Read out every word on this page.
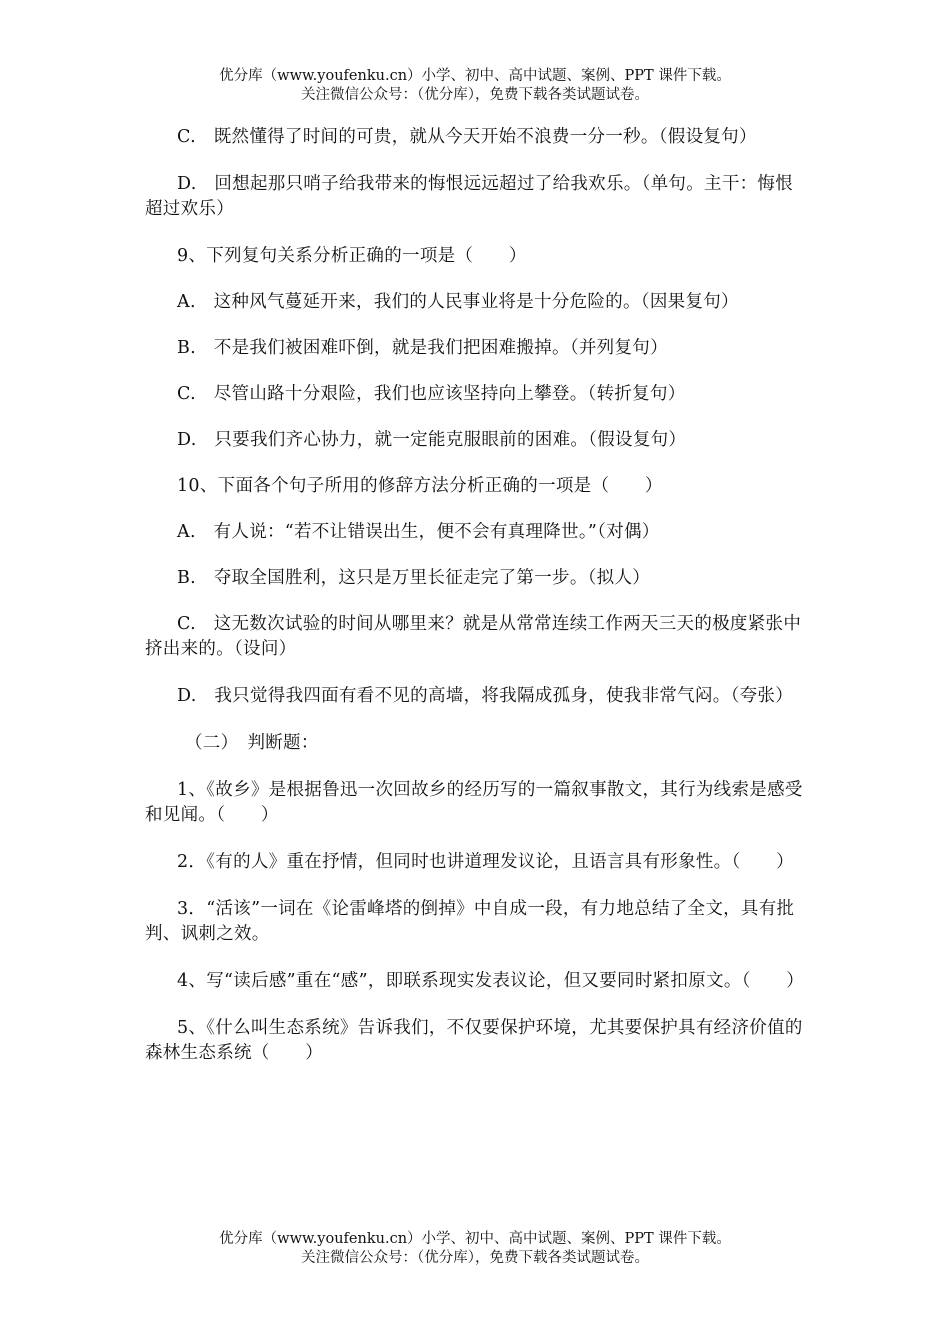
优分库（www.youfenku.cn）小学、初中、高中试题、案例、PPT 课件下载。
关注微信公众号：（优分库），免费下载各类试题试卷。

C.　既然懂得了时间的可贵，就从今天开始不浪费一分一秒。（假设复句）

D.　回想起那只哨子给我带来的悔恨远远超过了给我欢乐。（单句。主干：悔恨超过欢乐）

9、下列复句关系分析正确的一项是（　　）

A.　这种风气蔓延开来，我们的人民事业将是十分危险的。（因果复句）

B.　不是我们被困难吓倒，就是我们把困难搬掉。（并列复句）

C.　尽管山路十分艰险，我们也应该坚持向上攀登。（转折复句）

D.　只要我们齐心协力，就一定能克服眼前的困难。（假设复句）

10、下面各个句子所用的修辞方法分析正确的一项是（　　）

A.　有人说：“若不让错误出生，便不会有真理降世。”（对偶）

B.　夺取全国胜利，这只是万里长征走完了第一步。（拟人）

C.　这无数次试验的时间从哪里来？就是从常常连续工作两天三天的极度紧张中挤出来的。（设问）

D.　我只觉得我四面有看不见的高墙，将我隔成孤身，使我非常气闷。（夸张）

（二）　判断题：

1、《故乡》是根据鲁迅一次回故乡的经历写的一篇叙事散文，其行为线索是感受和见闻。（　　）

2．《有的人》重在抒情，但同时也讲道理发议论，且语言具有形象性。（　　）

3．“活该”一词在《论雷峰塔的倒掉》中自成一段，有力地总结了全文，具有批判、讽刺之效。

4、写“读后感”重在“感”，即联系现实发表议论，但又要同时紧扣原文。（　　）

5、《什么叫生态系统》告诉我们，不仅要保护环境，尤其要保护具有经济价值的森林生态系统（　　）

优分库（www.youfenku.cn）小学、初中、高中试题、案例、PPT 课件下载。
关注微信公众号：（优分库），免费下载各类试题试卷。
